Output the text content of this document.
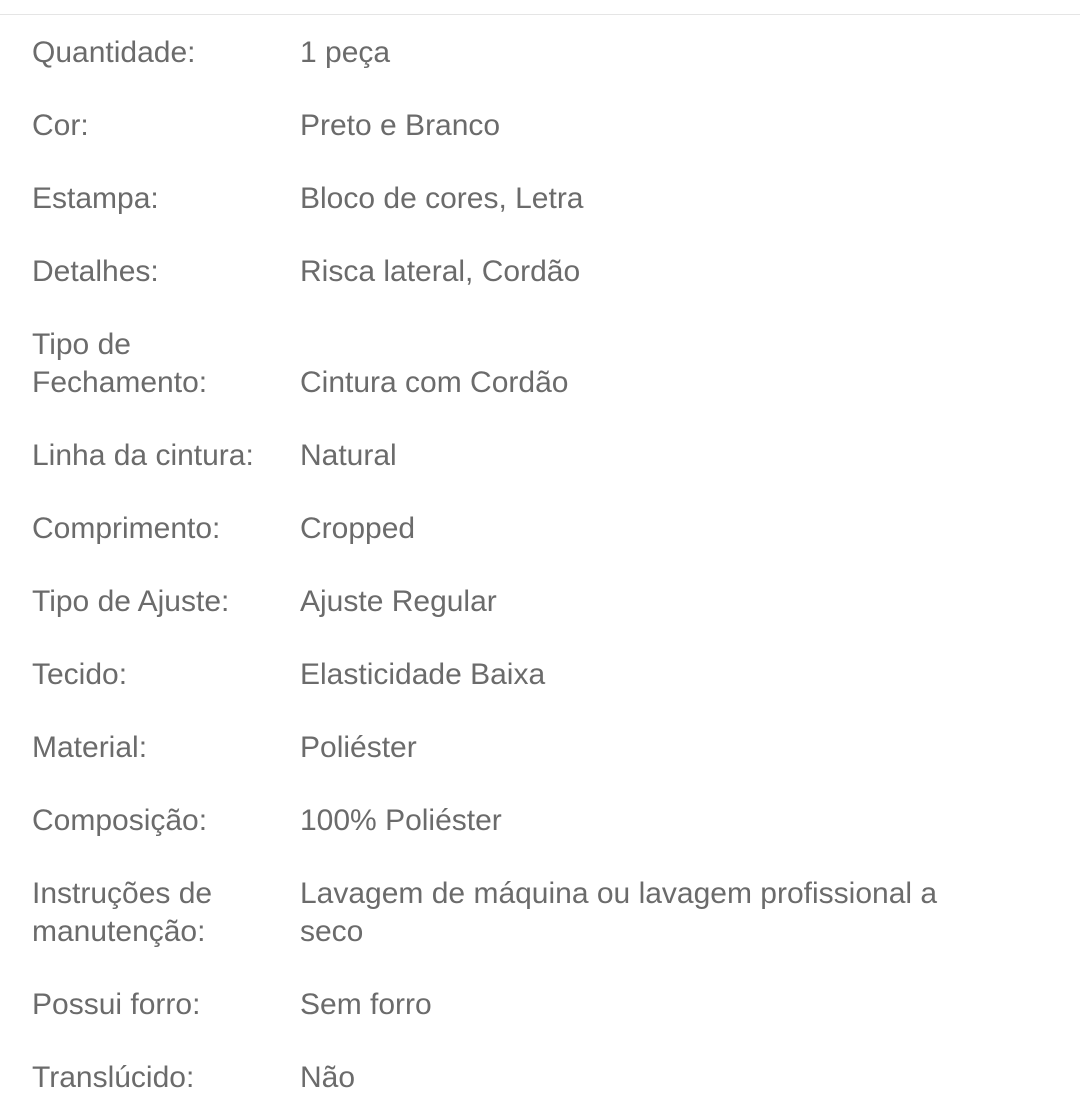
Quantidade:	1 peça
Cor:	Preto e Branco
Estampa:	Bloco de cores, Letra
Detalhes:	Risca lateral, Cordão
Tipo de Fechamento:	Cintura com Cordão
Linha da cintura:	Natural
Comprimento:	Cropped
Tipo de Ajuste:	Ajuste Regular
Tecido:	Elasticidade Baixa
Material:	Poliéster
Composição:	100% Poliéster
Instruções de manutenção:
Lavagem de máquina ou lavagem profissional a seco
Possui forro:	Sem forro
Translúcido:	Não
